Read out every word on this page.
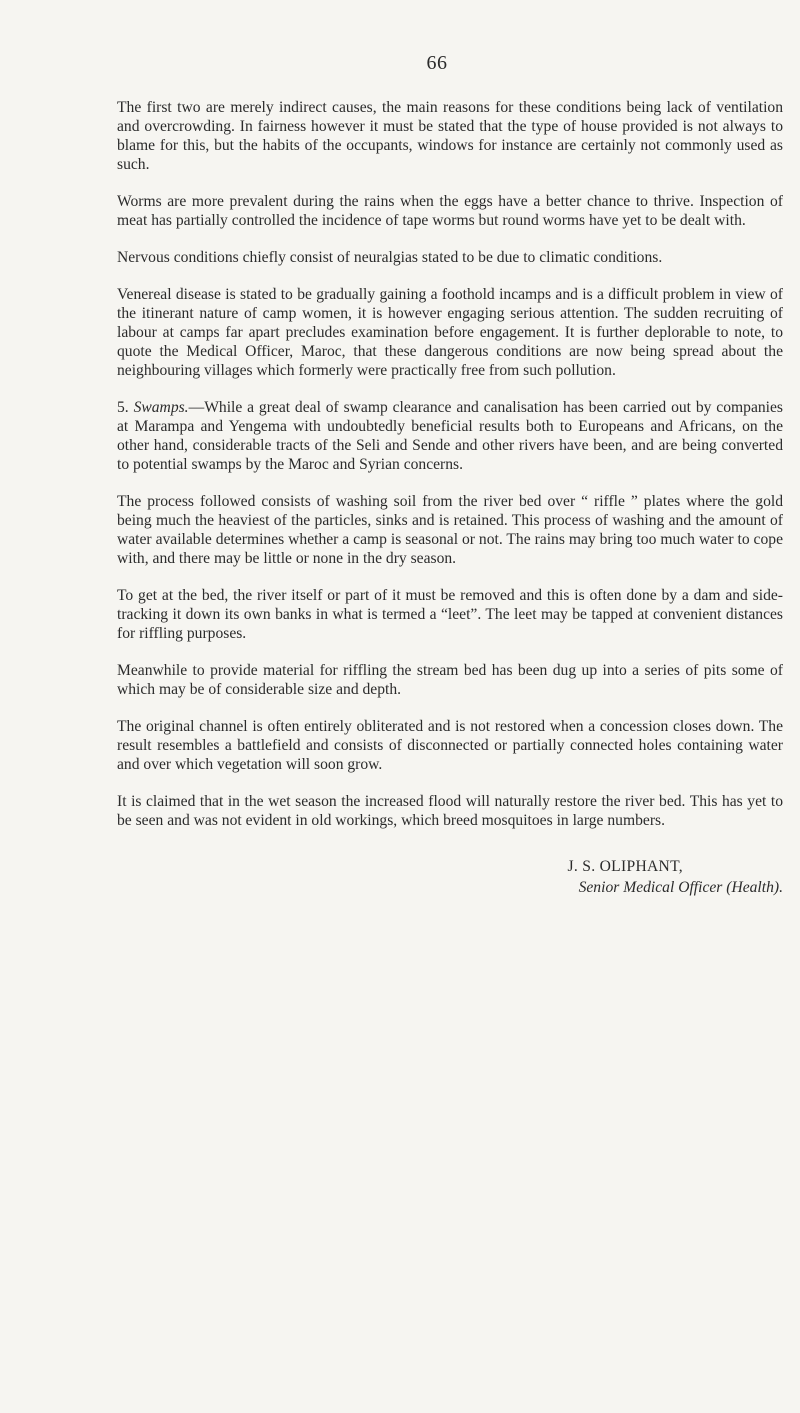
66

The first two are merely indirect causes, the main reasons for these conditions being lack of ventilation and overcrowding. In fairness however it must be stated that the type of house provided is not always to blame for this, but the habits of the occupants, windows for instance are certainly not commonly used as such.

Worms are more prevalent during the rains when the eggs have a better chance to thrive. Inspection of meat has partially controlled the incidence of tape worms but round worms have yet to be dealt with.

Nervous conditions chiefly consist of neuralgias stated to be due to climatic conditions.

Venereal disease is stated to be gradually gaining a foothold incamps and is a difficult problem in view of the itinerant nature of camp women, it is however engaging serious attention. The sudden recruiting of labour at camps far apart precludes examination before engagement. It is further deplorable to note, to quote the Medical Officer, Maroc, that these dangerous conditions are now being spread about the neighbouring villages which formerly were practically free from such pollution.

5. Swamps.—While a great deal of swamp clearance and canalisation has been carried out by companies at Marampa and Yengema with undoubtedly beneficial results both to Europeans and Africans, on the other hand, considerable tracts of the Seli and Sende and other rivers have been, and are being converted to potential swamps by the Maroc and Syrian concerns.

The process followed consists of washing soil from the river bed over “ riffle ” plates where the gold being much the heaviest of the particles, sinks and is retained. This process of washing and the amount of water available determines whether a camp is seasonal or not. The rains may bring too much water to cope with, and there may be little or none in the dry season.

To get at the bed, the river itself or part of it must be removed and this is often done by a dam and side-tracking it down its own banks in what is termed a “leet”. The leet may be tapped at convenient distances for riffling purposes.

Meanwhile to provide material for riffling the stream bed has been dug up into a series of pits some of which may be of considerable size and depth.

The original channel is often entirely obliterated and is not restored when a concession closes down. The result resembles a battlefield and consists of disconnected or partially connected holes containing water and over which vegetation will soon grow.

It is claimed that in the wet season the increased flood will naturally restore the river bed. This has yet to be seen and was not evident in old workings, which breed mosquitoes in large numbers.

J. S. OLIPHANT,
Senior Medical Officer (Health).
